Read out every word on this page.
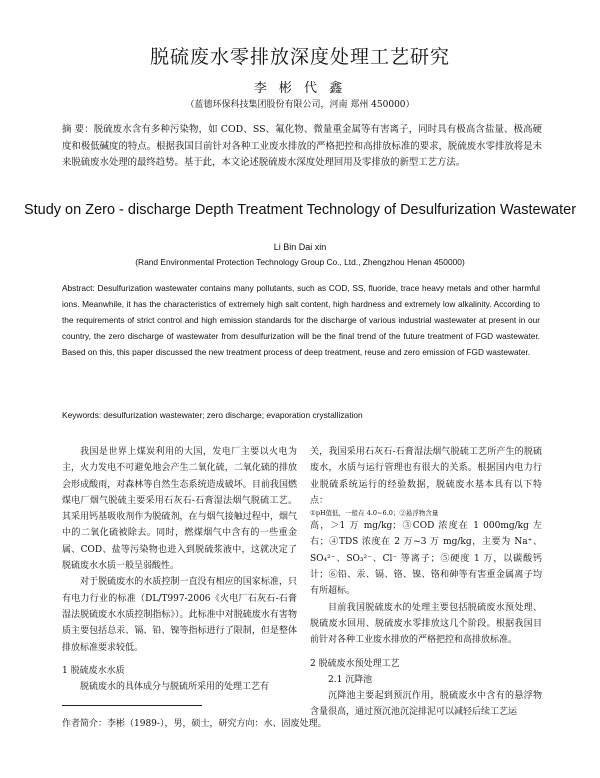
脱硫废水零排放深度处理工艺研究
李 彬 代 鑫
（蓝德环保科技集团股份有限公司，河南 郑州 450000）
摘 要：脱硫废水含有多种污染物，如 COD、SS、氟化物、微量重金属等有害离子，同时具有极高含盐量、极高硬度和极低碱度的特点。根据我国目前针对各种工业废水排放的严格把控和高排放标准的要求，脱硫废水零排放将是未来脱硫废水处理的最终趋势。基于此，本文论述脱硫废水深度处理回用及零排放的新型工艺方法。
Study on Zero - discharge Depth Treatment Technology of Desulfurization Wastewater
Li Bin Dai xin
(Rand Environmental Protection Technology Group Co., Ltd., Zhengzhou Henan 450000)
Abstract: Desulfurization wastewater contains many pollutants, such as COD, SS, fluoride, trace heavy metals and other harmful ions. Meanwhile, it has the characteristics of extremely high salt content, high hardness and extremely low alkalinity. According to the requirements of strict control and high emission standards for the discharge of various industrial wastewater at present in our country, the zero discharge of wastewater from desulfurization will be the final trend of the future treatment of FGD wastewater. Based on this, this paper discussed the new treatment process of deep treatment, reuse and zero emission of FGD wastewater.
Keywords: desulfurization wastewater; zero discharge; evaporation crystallization

我国是世界上煤炭利用的大国，发电厂主要以火电为主，火力发电不可避免地会产生二氧化硫，二氧化硫的排放会形成酸雨，对森林等自然生态系统造成破坏。目前我国燃煤电厂烟气脱硫主要采用石灰石-石膏湿法烟气脱硫工艺。其采用钙基吸收剂作为脱硫剂，在与烟气接触过程中，烟气中的二氧化硫被除去。同时，燃煤烟气中含有的一些重金属、COD、盐等污染物也进入到脱硫浆液中，这就决定了脱硫废水水质一般呈弱酸性。

对于脱硫废水的水质控制一直没有相应的国家标准，只有电力行业的标准（DL/T997-2006《火电厂石灰石-石膏湿法脱硫废水水质控制指标》）。此标准中对脱硫废水有害物质主要包括总汞、镉、铅、镍等指标进行了限制，但是整体排放标准要求较低。

1 脱硫废水水质

脱硫废水的具体成分与脱硫所采用的处理工艺有

关，我国采用石灰石-石膏湿法烟气脱硫工艺所产生的脱硫废水，水质与运行管理也有很大的关系。根据国内电力行业脱硫系统运行的经验数据，脱硫废水基本具有以下特点：

①pH值低，一般在 4.0~6.0；②悬浮物含量

高，＞1 万 mg/kg；③COD 浓度在 1 000mg/kg 左右；④TDS 浓度在 2 万~3 万 mg/kg，主要为 Na⁺、SO₄²⁻、SO₃²⁻、Cl⁻ 等离子；⑤硬度 1 万，以碳酸钙计；⑥铅、汞、镉、铬、镍、铬和砷等有害重金属离子均有所超标。

目前我国脱硫废水的处理主要包括脱硫废水预处理、脱硫废水回用、脱硫废水零排放这几个阶段。根据我国目前针对各种工业废水排放的严格把控和高排放标准。

2 脱硫废水预处理工艺

2.1 沉降池

沉降池主要起到预沉作用，脱硫废水中含有的悬浮物含量很高，通过预沉池沉淀排泥可以减轻后续工艺运

作者简介：李彬（1989-），男，硕士，研究方向：水、固废处理。
